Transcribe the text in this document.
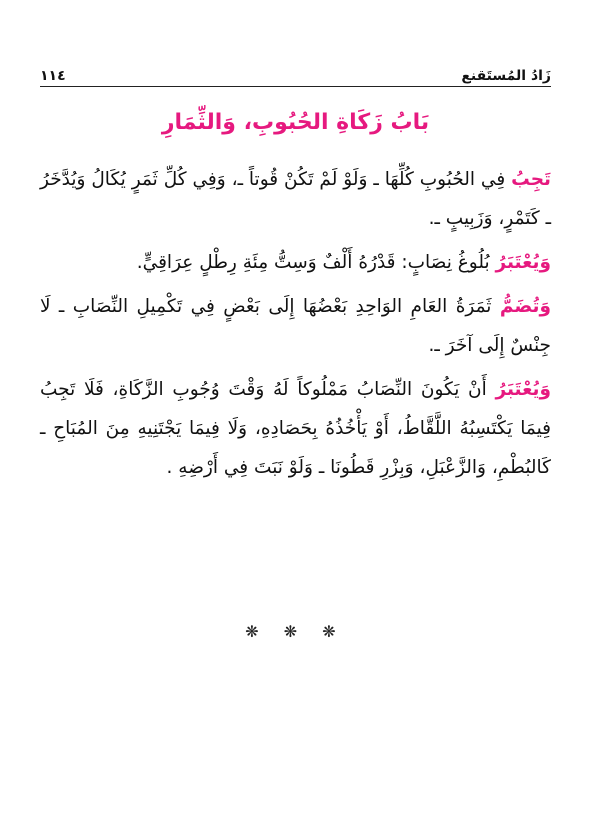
١١٤	زَادُ المُستَقنع
بَابُ زَكَاةِ الحُبُوبِ، وَالثِّمَارِ

تَجِبُ فِي الحُبُوبِ كُلِّهَا ـ وَلَوْ لَمْ تَكُنْ قُوتاً ـ، وَفِي كُلِّ ثَمَرٍ يُكَالُ وَيُدَّخَرُ ـ كَتَمْرٍ، وَزَبِيبٍ ـ.

وَيُعْتَبَرُ بُلُوغُ نِصَابٍ: قَدْرُهُ أَلْفٌ وَسِتُّ مِئَةِ رِطْلٍ عِرَاقِيٍّ.

وَتُضَمُّ ثَمَرَةُ العَامِ الوَاحِدِ بَعْضُهَا إِلَى بَعْضٍ فِي تَكْمِيلِ النِّصَابِ ـ لَا جِنْسٌ إِلَى آخَرَ ـ.

وَيُعْتَبَرُ أَنْ يَكُونَ النِّصَابُ مَمْلُوكاً لَهُ وَقْتَ وُجُوبِ الزَّكَاةِ، فَلَا تَجِبُ فِيمَا يَكْتَسِبُهُ اللَّقَّاطُ، أَوْ يَأْخُذُهُ بِحَصَادِهِ، وَلَا فِيمَا يَجْتَنِيهِ مِنَ المُبَاحِ ـ كَالبُطْمِ، وَالزَّعْبَلِ، وَبِزْرِ قَطُونَا ـ وَلَوْ نَبَتَ فِي أَرْضِهِ .

❋ ❋ ❋
